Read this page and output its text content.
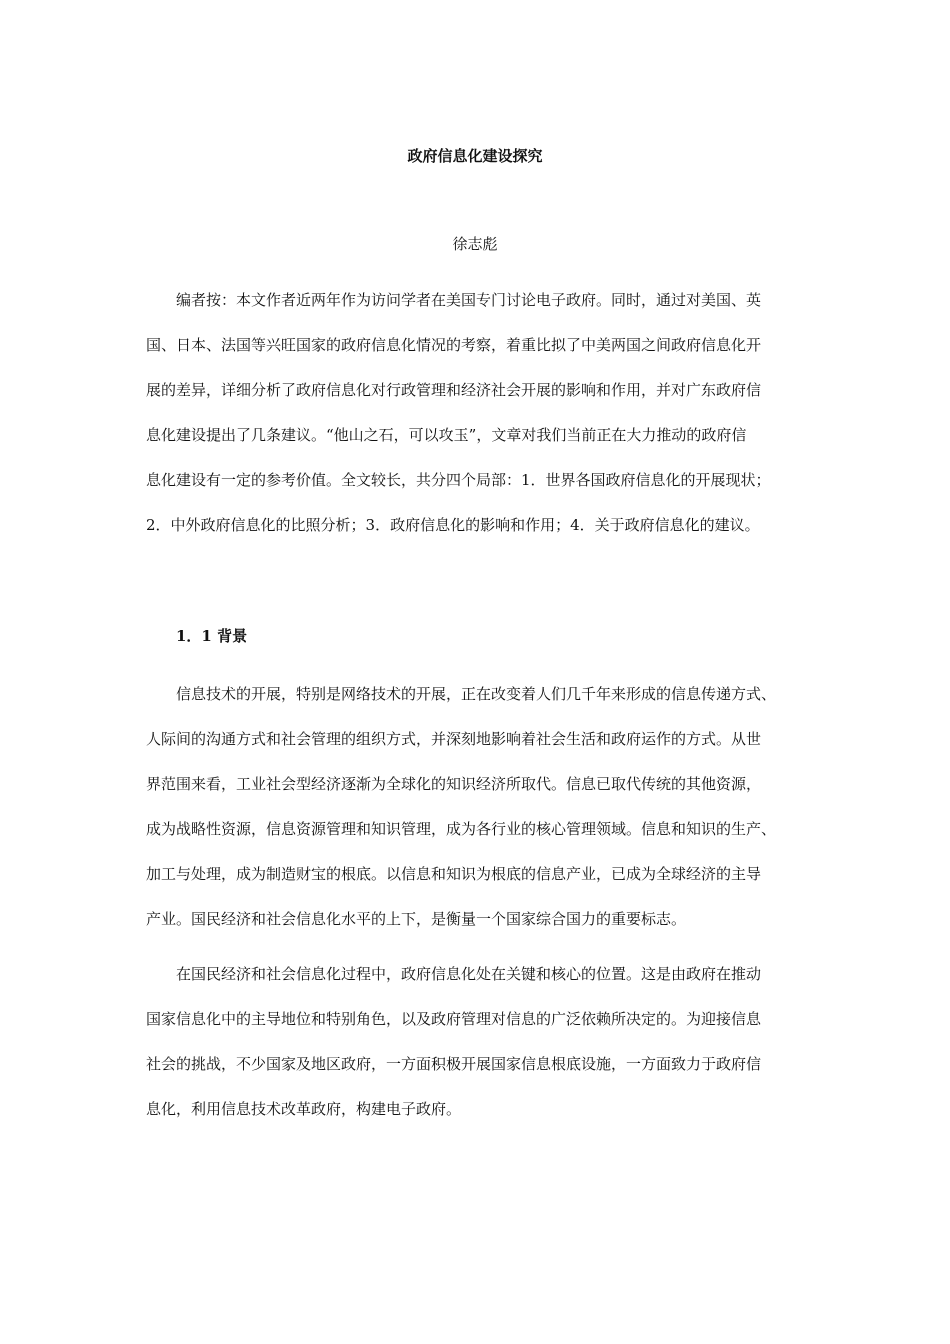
政府信息化建设探究
徐志彪

编者按：本文作者近两年作为访问学者在美国专门讨论电子政府。同时，通过对美国、英
国、日本、法国等兴旺国家的政府信息化情况的考察，着重比拟了中美两国之间政府信息化开
展的差异，详细分析了政府信息化对行政管理和经济社会开展的影响和作用，并对广东政府信
息化建设提出了几条建议。“他山之石，可以攻玉”，文章对我们当前正在大力推动的政府信
息化建设有一定的参考价值。全文较长，共分四个局部：1．世界各国政府信息化的开展现状；
2．中外政府信息化的比照分析；3．政府信息化的影响和作用；4．关于政府信息化的建议。

1．1 背景

信息技术的开展，特别是网络技术的开展，正在改变着人们几千年来形成的信息传递方式、
人际间的沟通方式和社会管理的组织方式，并深刻地影响着社会生活和政府运作的方式。从世
界范围来看，工业社会型经济逐渐为全球化的知识经济所取代。信息已取代传统的其他资源，
成为战略性资源，信息资源管理和知识管理，成为各行业的核心管理领域。信息和知识的生产、
加工与处理，成为制造财宝的根底。以信息和知识为根底的信息产业，已成为全球经济的主导
产业。国民经济和社会信息化水平的上下，是衡量一个国家综合国力的重要标志。

在国民经济和社会信息化过程中，政府信息化处在关键和核心的位置。这是由政府在推动
国家信息化中的主导地位和特别角色，以及政府管理对信息的广泛依赖所决定的。为迎接信息
社会的挑战，不少国家及地区政府，一方面积极开展国家信息根底设施，一方面致力于政府信
息化，利用信息技术改革政府，构建电子政府。
